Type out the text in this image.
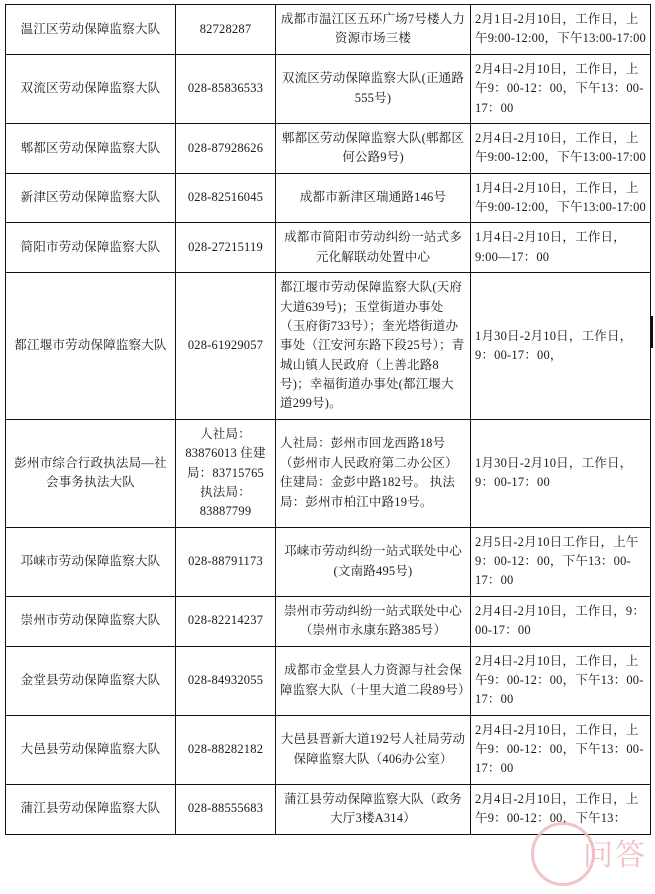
温江区劳动保障监察大队	82728287	成都市温江区五环广场7号楼人力资源市场三楼	2月1日-2月10日，工作日，上午9:00-12:00，下午13:00-17:00
双流区劳动保障监察大队	028-85836533	双流区劳动保障监察大队(正通路555号)	2月4日-2月10日，工作日，上午9：00-12：00，下午13：00-17：00
郫都区劳动保障监察大队	028-87928626	郫都区劳动保障监察大队(郫都区何公路9号)	2月4日-2月10日，工作日，上午9:00-12:00，下午13:00-17:00
新津区劳动保障监察大队	028-82516045	成都市新津区瑞通路146号	1月4日-2月10日，工作日，上午9:00-12:00，下午13:00-17:00
简阳市劳动保障监察大队	028-27215119	成都市简阳市劳动纠纷一站式多元化解联动处置中心	1月4日-2月10日，工作日，9:00—17：00
都江堰市劳动保障监察大队	028-61929057	都江堰市劳动保障监察大队(天府大道639号)；玉堂街道办事处（玉府街733号）；奎光塔街道办事处（江安河东路下段25号）；青城山镇人民政府（上善北路8号)；幸福街道办事处(都江堰大道299号)。	1月30日-2月10日，工作日，9：00-17：00，
彭州市综合行政执法局—社会事务执法大队	人社局：83876013 住建局：83715765 执法局：83887799	人社局：彭州市回龙西路18号（彭州市人民政府第二办公区）住建局：金彭中路182号。 执法局：彭州市柏江中路19号。	1月30日-2月10日，工作日，9：00-17：00
邛崃市劳动保障监察大队	028-88791173	邛崃市劳动纠纷一站式联处中心(文南路495号)	2月5日-2月10日工作日，上午9：00-12：00，下午13：00-17：00
崇州市劳动保障监察大队	028-82214237	崇州市劳动纠纷一站式联处中心（崇州市永康东路385号）	2月4日-2月10日，工作日，9：00-17：00
金堂县劳动保障监察大队	028-84932055	成都市金堂县人力资源与社会保障监察大队（十里大道二段89号）	2月4日-2月10日，工作日，上午9：00-12：00，下午13：00-17：00
大邑县劳动保障监察大队	028-88282182	大邑县晋新大道192号人社局劳动保障监察大队（406办公室）	2月4日-2月10日，工作日，上午9：00-12：00，下午13：00-17：00
蒲江县劳动保障监察大队	028-88555683	蒲江县劳动保障监察大队（政务大厅3楼A314）	2月4日-2月10日，工作日，上午9：00-12：00，下午13：
问答
